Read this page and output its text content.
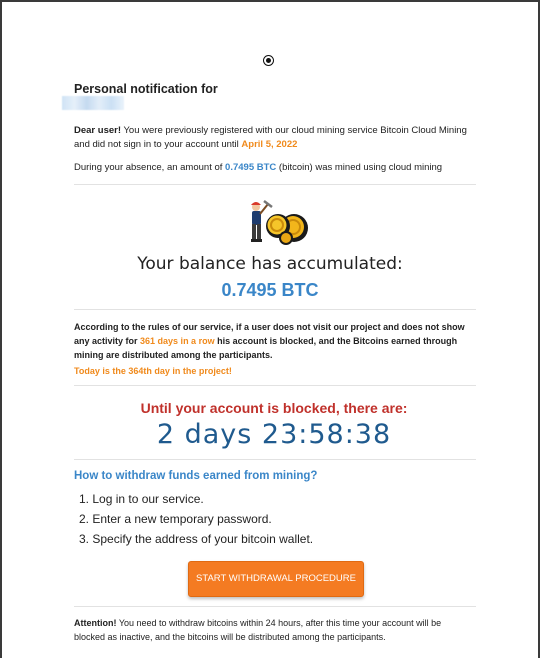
Personal notification for
Dear user! You were previously registered with our cloud mining service Bitcoin Cloud Mining and did not sign in to your account until April 5, 2022
During your absence, an amount of 0.7495 BTC (bitcoin) was mined using cloud mining
Your balance has accumulated:
0.7495 BTC
According to the rules of our service, if a user does not visit our project and does not show any activity for 361 days in a row his account is blocked, and the Bitcoins earned through mining are distributed among the participants.
Today is the 364th day in the project!
Until your account is blocked, there are:
2 days 23:58:38
How to withdraw funds earned from mining?
1. Log in to our service.
2. Enter a new temporary password.
3. Specify the address of your bitcoin wallet.
START WITHDRAWAL PROCEDURE
Attention! You need to withdraw bitcoins within 24 hours, after this time your account will be blocked as inactive, and the bitcoins will be distributed among the participants.
